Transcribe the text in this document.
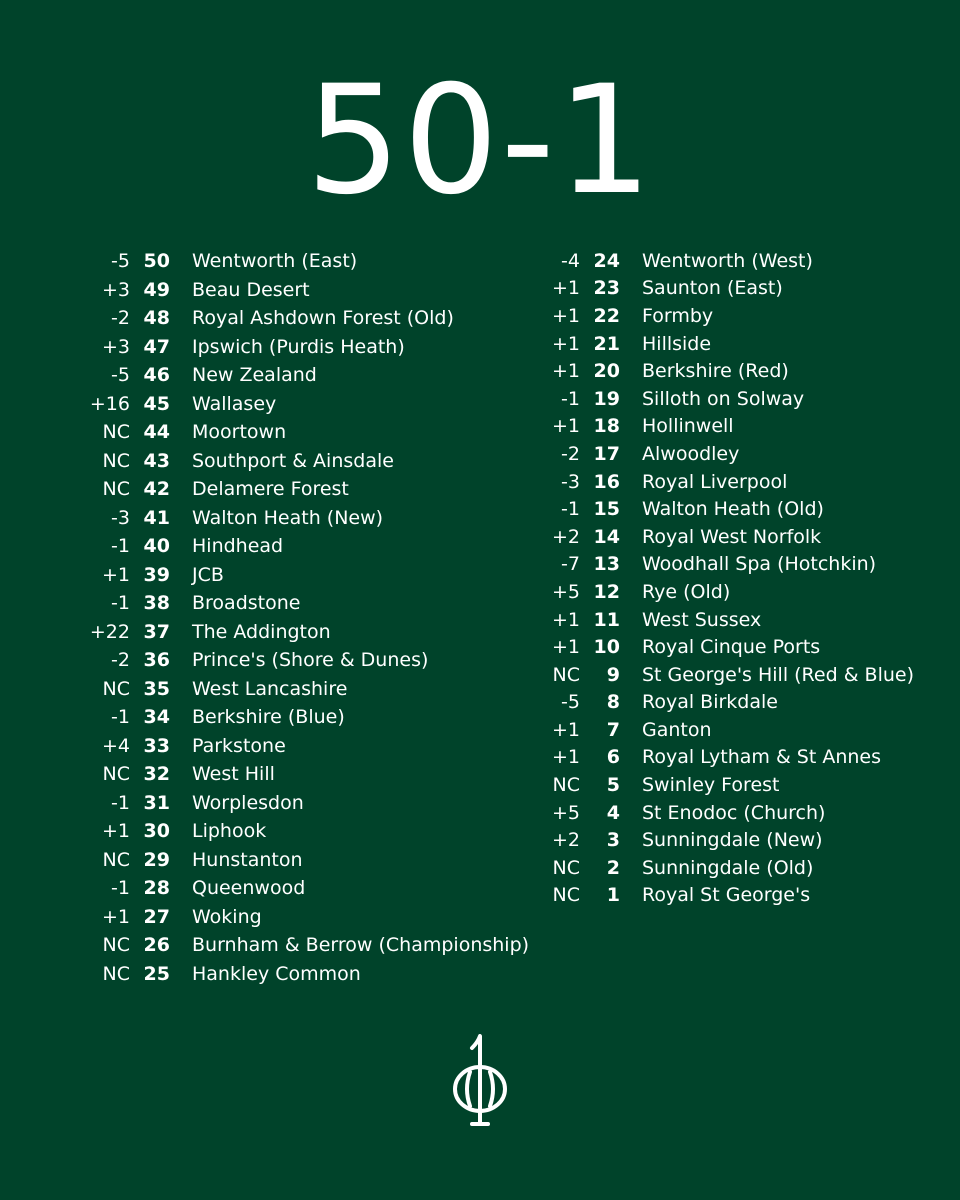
50-1
-5 50 Wentworth (East)
+3 49 Beau Desert
-2 48 Royal Ashdown Forest (Old)
+3 47 Ipswich (Purdis Heath)
-5 46 New Zealand
+16 45 Wallasey
NC 44 Moortown
NC 43 Southport & Ainsdale
NC 42 Delamere Forest
-3 41 Walton Heath (New)
-1 40 Hindhead
+1 39 JCB
-1 38 Broadstone
+22 37 The Addington
-2 36 Prince's (Shore & Dunes)
NC 35 West Lancashire
-1 34 Berkshire (Blue)
+4 33 Parkstone
NC 32 West Hill
-1 31 Worplesdon
+1 30 Liphook
NC 29 Hunstanton
-1 28 Queenwood
+1 27 Woking
NC 26 Burnham & Berrow (Championship)
NC 25 Hankley Common
-4 24 Wentworth (West)
+1 23 Saunton (East)
+1 22 Formby
+1 21 Hillside
+1 20 Berkshire (Red)
-1 19 Silloth on Solway
+1 18 Hollinwell
-2 17 Alwoodley
-3 16 Royal Liverpool
-1 15 Walton Heath (Old)
+2 14 Royal West Norfolk
-7 13 Woodhall Spa (Hotchkin)
+5 12 Rye (Old)
+1 11 West Sussex
+1 10 Royal Cinque Ports
NC	9 St George's Hill (Red & Blue)
-5	8 Royal Birkdale
+1	7 Ganton
+1	6 Royal Lytham & St Annes
NC	5 Swinley Forest
+5	4 St Enodoc (Church)
+2	3 Sunningdale (New)
NC	2 Sunningdale (Old)
NC	1 Royal St George's
